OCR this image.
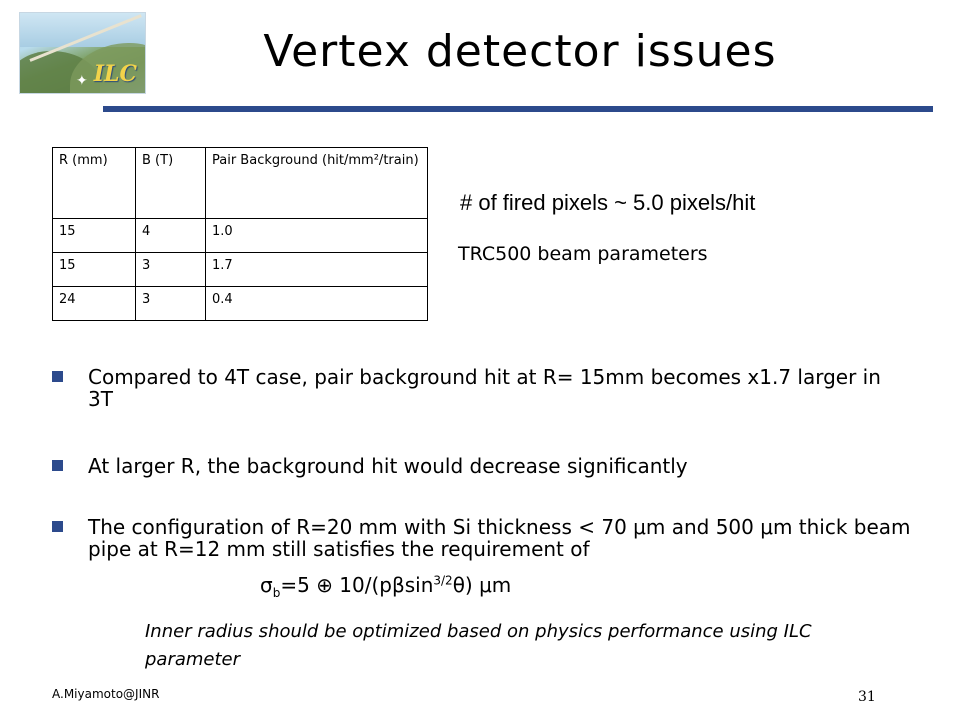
✦ ILC	Vertex detector issues
R (mm)	B (T)	Pair Background (hit/mm²/train)
15	4	1.0
15	3	1.7
24	3	0.4
# of fired pixels ~ 5.0 pixels/hit
TRC500 beam parameters
Compared to 4T case, pair background hit at R= 15mm becomes x1.7 larger in 3T
At larger R, the background hit would decrease significantly
The configuration of R=20 mm with Si thickness < 70 μm and 500 μm thick beam pipe at R=12 mm still satisfies the requirement of
$\sigma_b=5$ ⊕ 10/(pβsin$^{3/2}$θ) μm
Inner radius should be optimized based on physics performance using ILC parameter
A.Miyamoto@JINR	31
